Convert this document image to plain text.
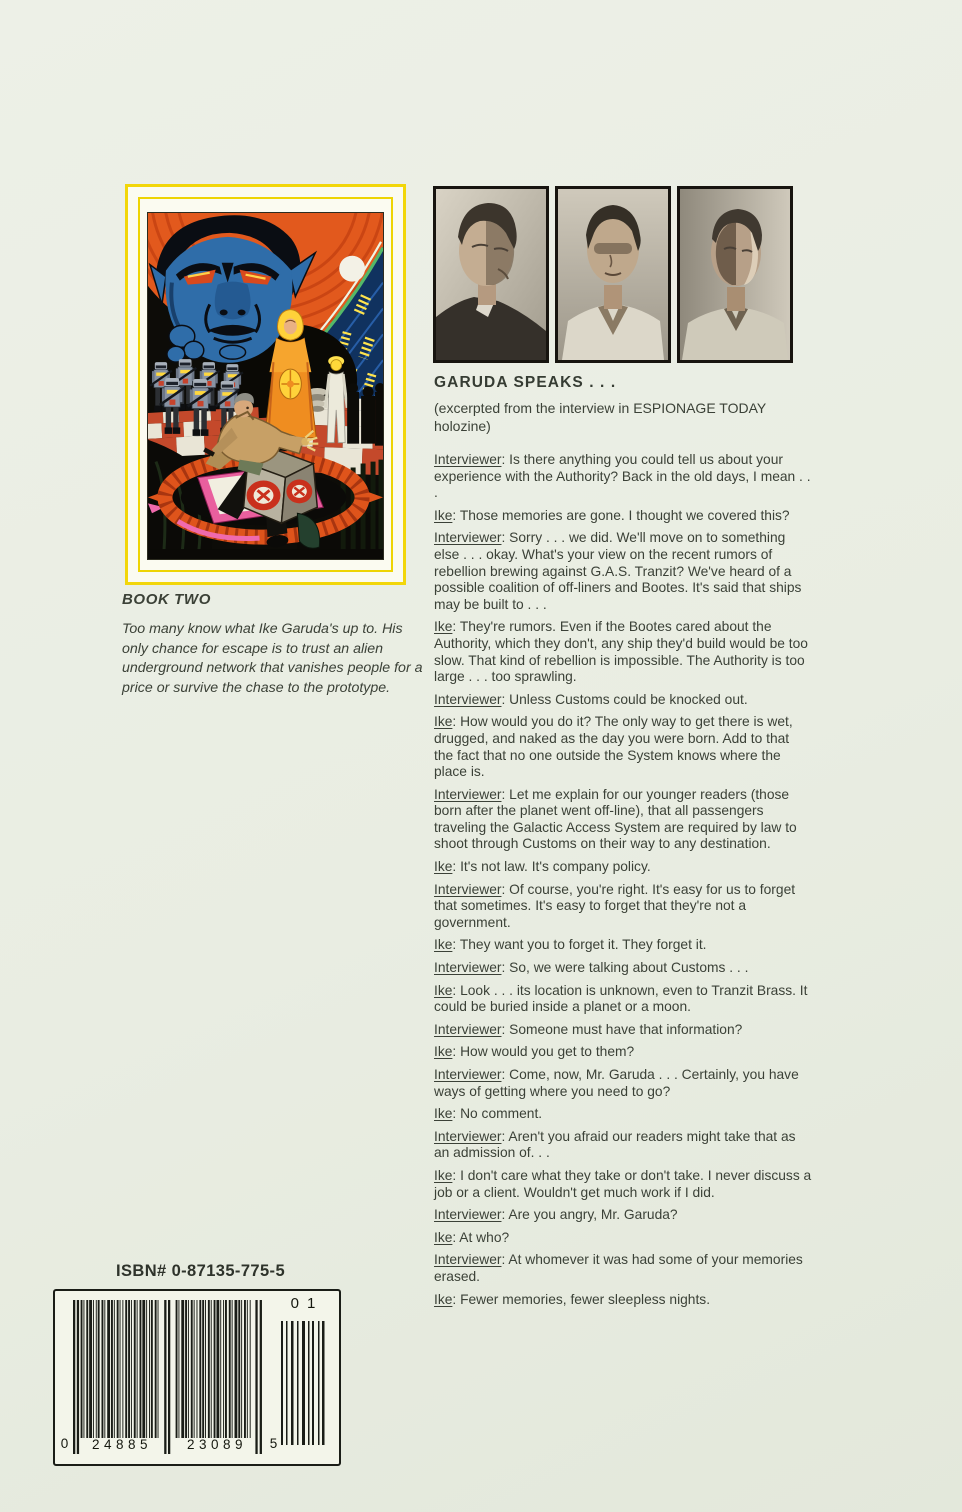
BOOK TWO
Too many know what Ike Garuda's up to. His only chance for escape is to trust an alien underground network that vanishes people for a price or survive the chase to the prototype.
GARUDA SPEAKS . . .
(excerpted from the interview in ESPIONAGE TODAY holozine)

Interviewer: Is there anything you could tell us about your experience with the Authority? Back in the old days, I mean . . .

Ike: Those memories are gone. I thought we covered this?

Interviewer: Sorry . . . we did. We'll move on to something else . . . okay. What's your view on the recent rumors of rebellion brewing against G.A.S. Tranzit? We've heard of a possible coalition of off-liners and Bootes. It's said that ships may be built to . . .

Ike: They're rumors. Even if the Bootes cared about the Authority, which they don't, any ship they'd build would be too slow. That kind of rebellion is impossible. The Authority is too large . . . too sprawling.

Interviewer: Unless Customs could be knocked out.

Ike: How would you do it? The only way to get there is wet, drugged, and naked as the day you were born. Add to that the fact that no one outside the System knows where the place is.

Interviewer: Let me explain for our younger readers (those born after the planet went off-line), that all passengers traveling the Galactic Access System are required by law to shoot through Customs on their way to any destination.

Ike: It's not law. It's company policy.

Interviewer: Of course, you're right. It's easy for us to forget that sometimes. It's easy to forget that they're not a government.

Ike: They want you to forget it. They forget it.

Interviewer: So, we were talking about Customs . . .

Ike: Look . . . its location is unknown, even to Tranzit Brass. It could be buried inside a planet or a moon.

Interviewer: Someone must have that information?

Ike: How would you get to them?

Interviewer: Come, now, Mr. Garuda . . . Certainly, you have ways of getting where you need to go?

Ike: No comment.

Interviewer: Aren't you afraid our readers might take that as an admission of. . .

Ike: I don't care what they take or don't take. I never discuss a job or a client. Wouldn't get much work if I did.

Interviewer: Are you angry, Mr. Garuda?

Ike: At who?

Interviewer: At whomever it was had some of your memories erased.

Ike: Fewer memories, fewer sleepless nights.

ISBN# 0-87135-775-5
0	24885	23089	5
01
